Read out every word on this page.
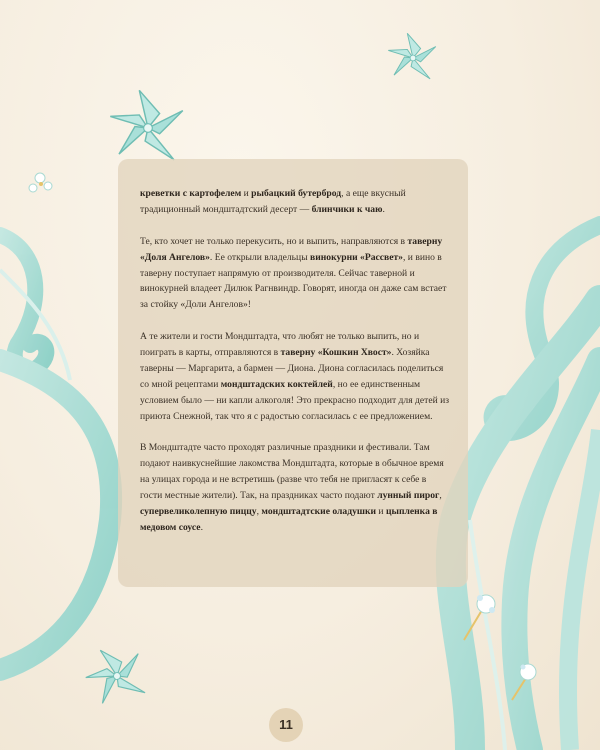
креветки с картофелем и рыбацкий бутерброд, а еще вкусный традиционный мондштадтский десерт — блинчики к чаю.

Те, кто хочет не только перекусить, но и выпить, направляются в таверну «Доля Ангелов». Ее открыли владельцы винокурни «Рассвет», и вино в таверну поступает напрямую от производителя. Сейчас таверной и винокурней владеет Дилюк Рагнвиндр. Говорят, иногда он даже сам встает за стойку «Доли Ангелов»!

А те жители и гости Мондштадта, что любят не только выпить, но и поиграть в карты, отправляются в таверну «Кошкин Хвост». Хозяйка таверны — Маргарита, а бармен — Диона. Диона согласилась поделиться со мной рецептами мондштадских коктейлей, но ее единственным условием было — ни капли алкоголя! Это прекрасно подходит для детей из приюта Снежной, так что я с радостью согласилась с ее предложением.

В Мондштадте часто проходят различные праздники и фестивали. Там подают наивкуснейшие лакомства Мондштадта, которые в обычное время на улицах города и не встретишь (разве что тебя не пригласят к себе в гости местные жители). Так, на праздниках часто подают лунный пирог, супервеликолепную пиццу, мондштадтские оладушки и цыпленка в медовом соусе.

11
